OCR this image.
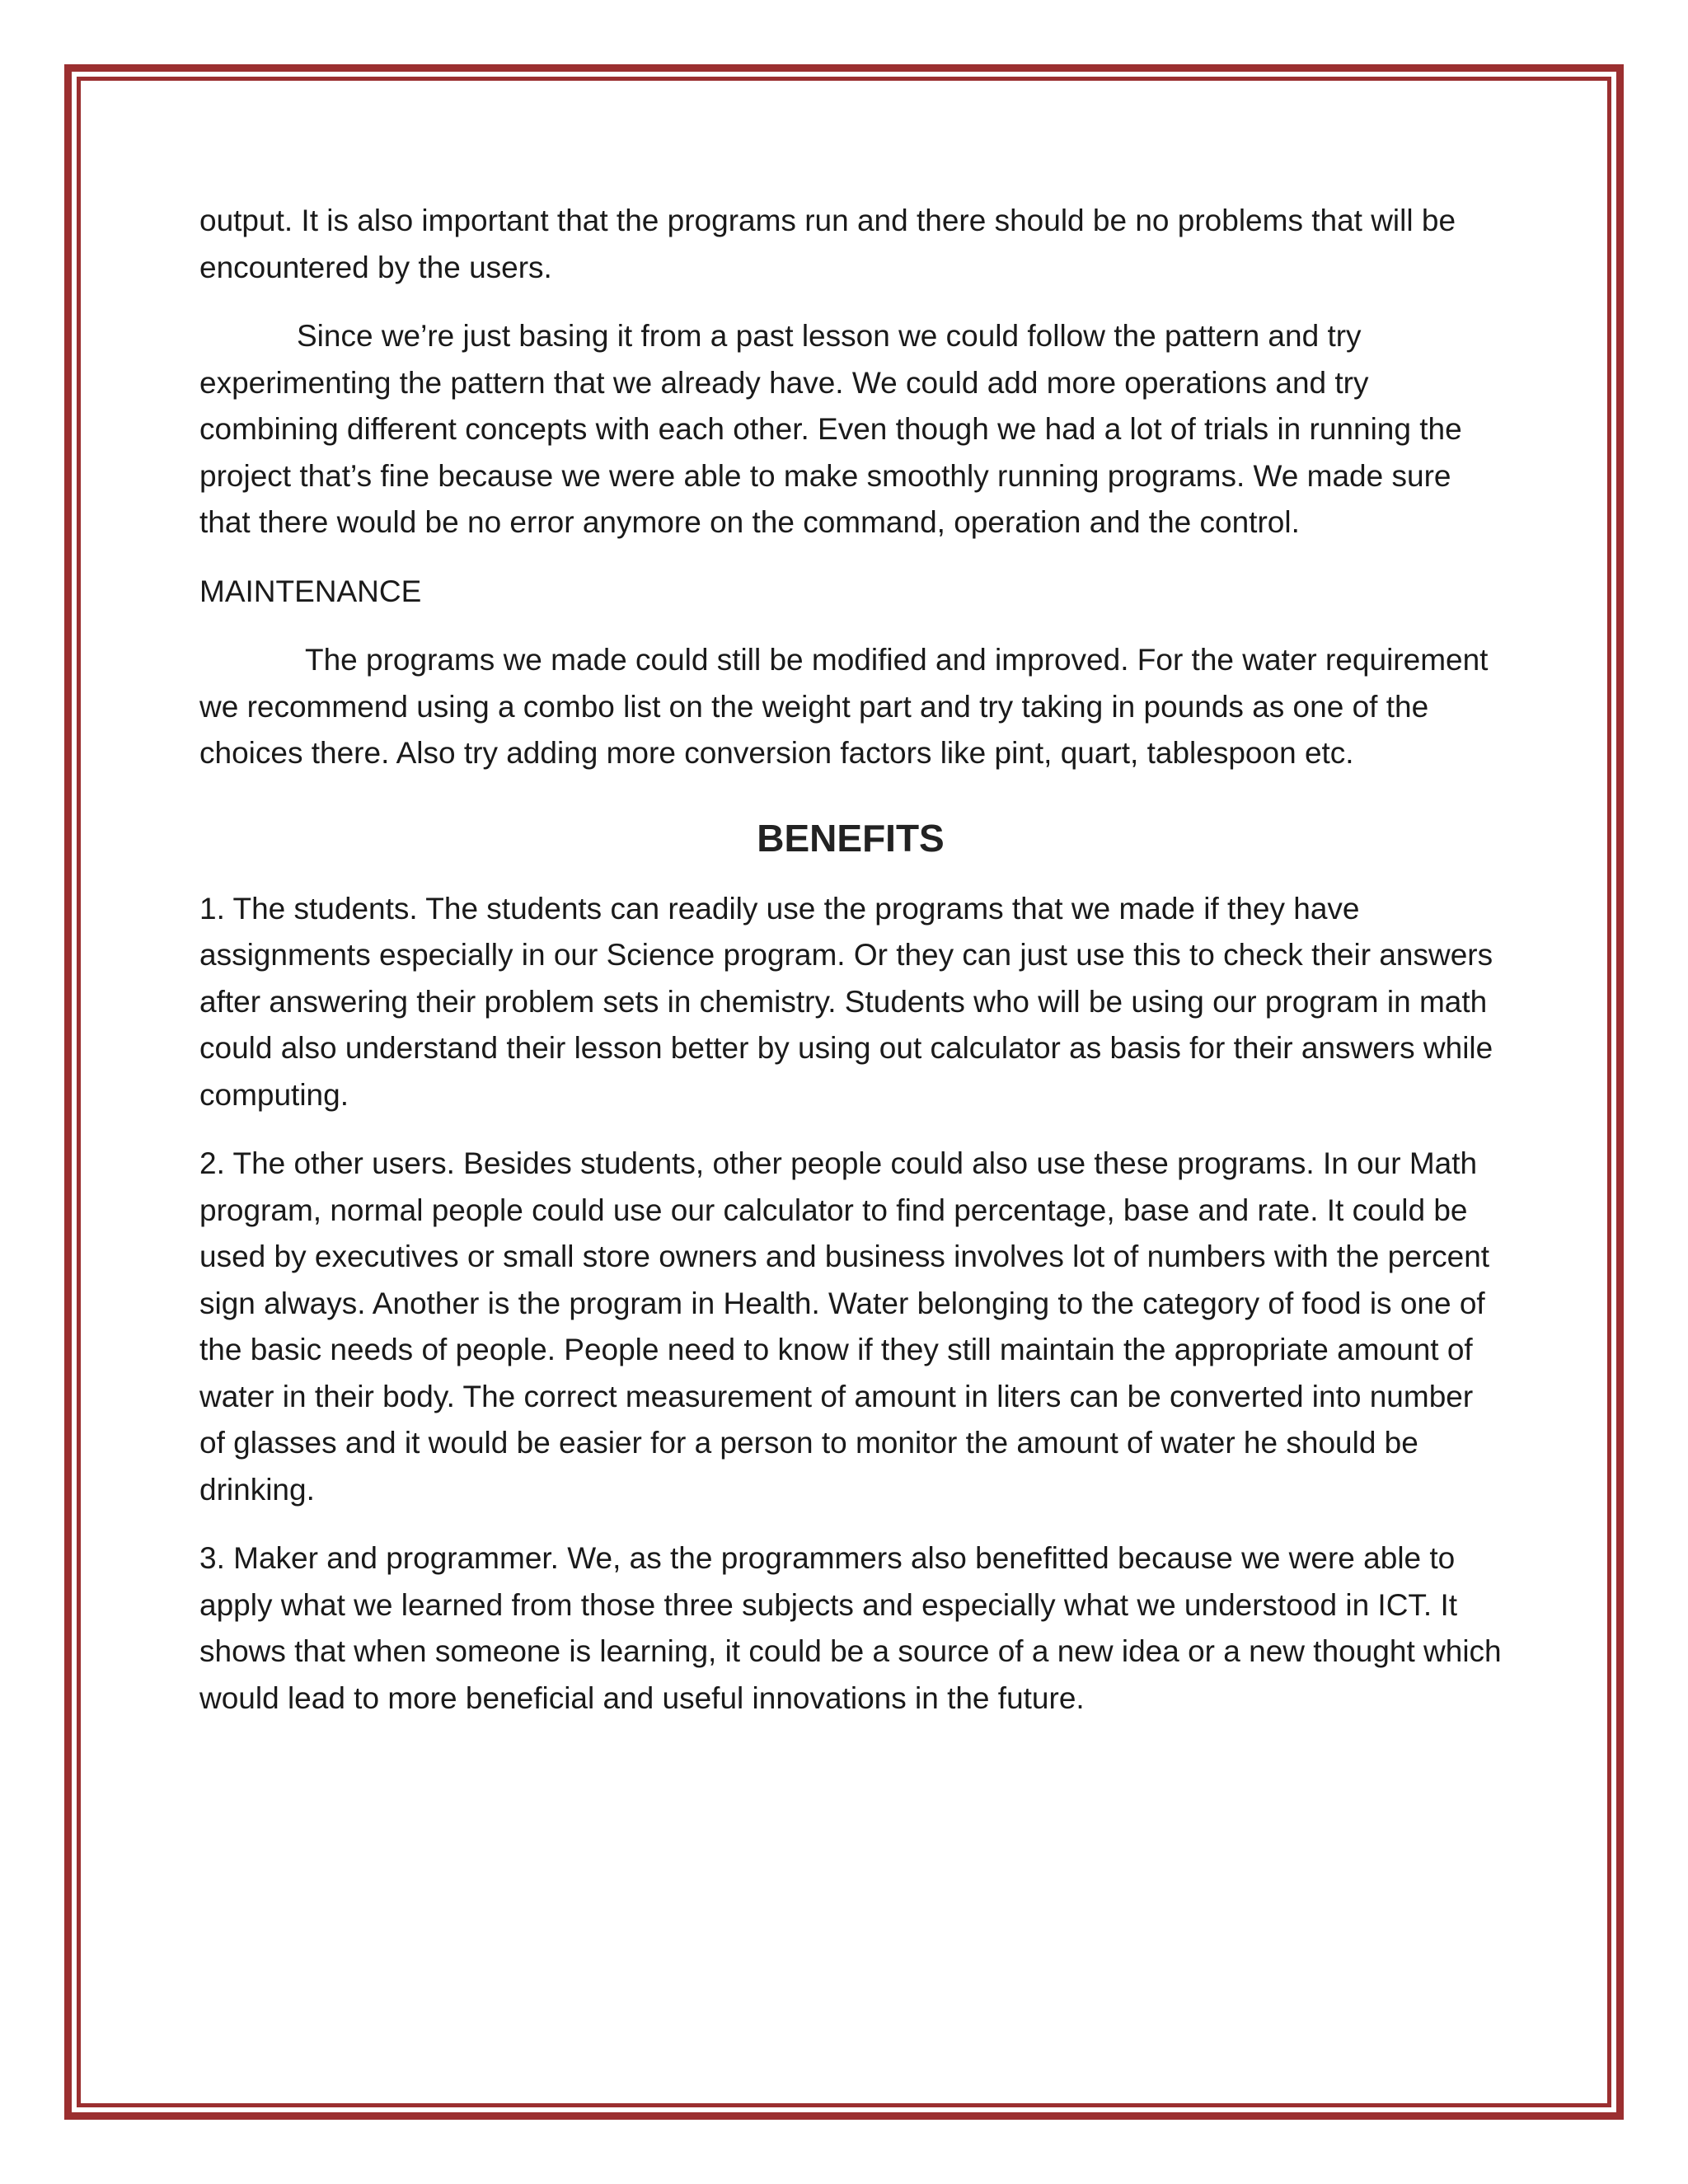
output. It is also important that the programs run and there should be no problems that will be encountered by the users.

Since we’re just basing it from a past lesson we could follow the pattern and try experimenting the pattern that we already have. We could add more operations and try combining different concepts with each other. Even though we had a lot of trials in running the project that’s fine because we were able to make smoothly running programs. We made sure that there would be no error anymore on the command, operation and the control.

MAINTENANCE

The programs we made could still be modified and improved. For the water requirement we recommend using a combo list on the weight part and try taking in pounds as one of the choices there. Also try adding more conversion factors like pint, quart, tablespoon etc.

BENEFITS

1. The students. The students can readily use the programs that we made if they have assignments especially in our Science program. Or they can just use this to check their answers after answering their problem sets in chemistry. Students who will be using our program in math could also understand their lesson better by using out calculator as basis for their answers while computing.

2. The other users. Besides students, other people could also use these programs. In our Math program, normal people could use our calculator to find percentage, base and rate. It could be used by executives or small store owners and business involves lot of numbers with the percent sign always. Another is the program in Health. Water belonging to the category of food is one of the basic needs of people. People need to know if they still maintain the appropriate amount of water in their body. The correct measurement of amount in liters can be converted into number of glasses and it would be easier for a person to monitor the amount of water he should be drinking.

3. Maker and programmer. We, as the programmers also benefitted because we were able to apply what we learned from those three subjects and especially what we understood in ICT. It shows that when someone is learning, it could be a source of a new idea or a new thought which would lead to more beneficial and useful innovations in the future.
